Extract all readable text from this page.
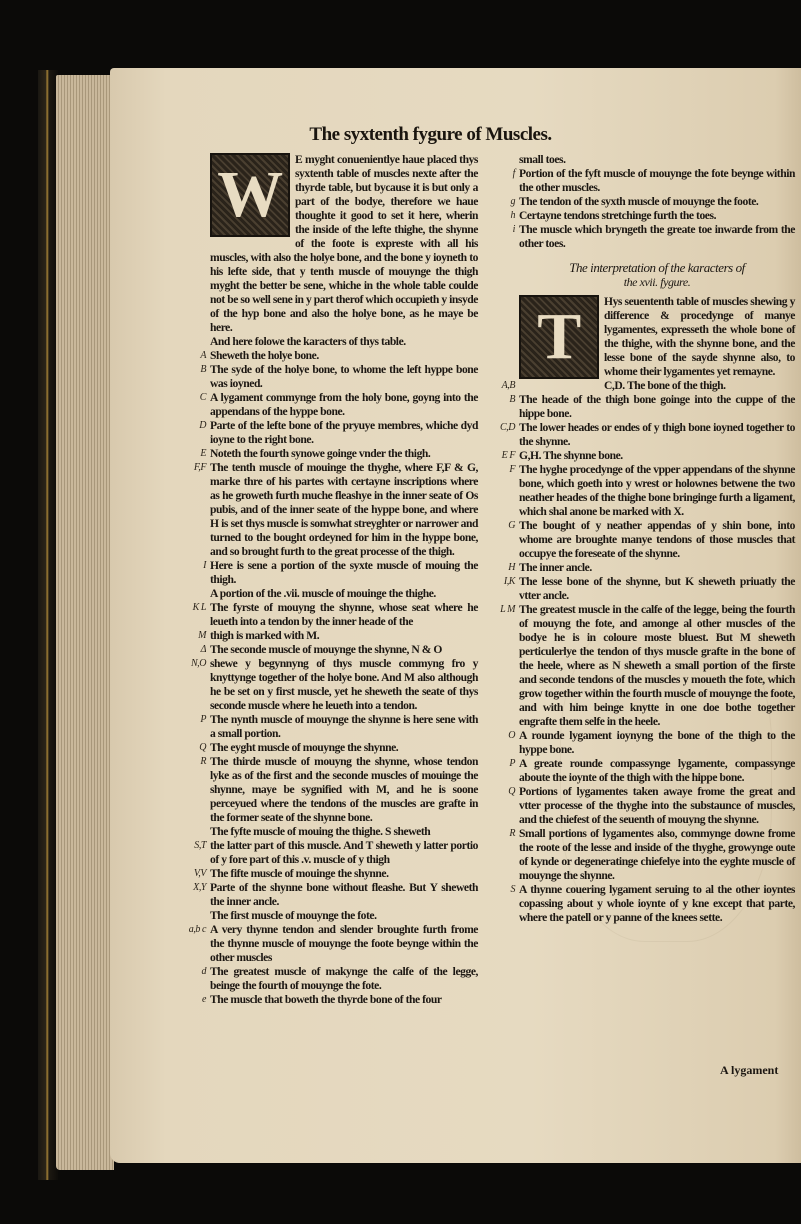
The syxtenth fygure of Muscles.
W	E myght conuenientlye haue placed thys syxtenth table of muscles nexte after the thyrde table, but bycause it is but only a part of the bodye, therefore we haue thoughte it good to set it here, wherin the inside of the lefte thighe, the shynne of the foote is expreste with all his muscles, with also the holye bone, and the bone y ioyneth to his lefte side, that y tenth muscle of mouynge the thigh myght the better be sene, whiche in the whole table coulde not be so well sene in y part therof which occupieth y insyde of the hyp bone and also the holye bone, as he maye be here.

And here folowe the karacters of thys table.

A Sheweth the holye bone.

B The syde of the holye bone, to whome the left hyppe bone was ioyned.

C A lygament commynge from the holy bone, goyng into the appendans of the hyppe bone.

D Parte of the lefte bone of the pryuye membres, whiche dyd ioyne to the right bone.

E Noteth the fourth synowe goinge vnder the thigh.

F,F The tenth muscle of mouinge the thyghe, where F,F & G, marke thre of his partes with certayne inscriptions where as he groweth furth muche fleashye in the inner seate of Os pubis, and of the inner seate of the hyppe bone, and where H is set thys muscle is somwhat streyghter or narrower and turned to the bought ordeyned for him in the hyppe bone, and so brought furth to the great processe of the thigh.

I Here is sene a portion of the syxte muscle of mouing the thigh.

A portion of the .vii. muscle of mouinge the thighe.

K L The fyrste of mouyng the shynne, whose seat where he leueth into a tendon by the inner heade of the

M thigh is marked with M.

Δ The seconde muscle of mouynge the shynne, N & O

N,O shewe y begynnyng of thys muscle commyng fro y knyttynge together of the holye bone. And M also although he be set on y first muscle, yet he sheweth the seate of thys seconde muscle where he leueth into a tendon.

P The nynth muscle of mouynge the shynne is here sene with a small portion.

Q The eyght muscle of mouynge the shynne.

R The thirde muscle of mouyng the shynne, whose tendon lyke as of the first and the seconde muscles of mouinge the shynne, maye be sygnified with M, and he is soone perceyued where the tendons of the muscles are grafte in the former seate of the shynne bone.

The fyfte muscle of mouing the thighe. S sheweth

S,T the latter part of this muscle. And T sheweth y latter portio of y fore part of this .v. muscle of y thigh

V,V The fifte muscle of mouinge the shynne.

X,Y Parte of the shynne bone without fleashe. But Y sheweth the inner ancle.

The first muscle of mouynge the fote.

a,b c A very thynne tendon and slender broughte furth frome the thynne muscle of mouynge the foote beynge within the other muscles

d The greatest muscle of makynge the calfe of the legge, beinge the fourth of mouynge the fote.

e The muscle that boweth the thyrde bone of the four

small toes.

f Portion of the fyft muscle of mouynge the fote beynge within the other muscles.

g The tendon of the syxth muscle of mouynge the foote.

h Certayne tendons stretchinge furth the toes.

i The muscle which bryngeth the greate toe inwarde from the other toes.

The interpretation of the karacters of

the xvii. fygure.

T	Hys seuententh table of muscles shewing y difference & procedynge of manye lygamentes, expresseth the whole bone of the thighe, with the shynne bone, and the lesse bone of the sayde shynne also, to whome their lygamentes yet remayne.

A,B	C,D. The bone of the thigh.

B The heade of the thigh bone goinge into the cuppe of the hippe bone.

C,D The lower heades or endes of y thigh bone ioyned together to the shynne.

E F G,H. The shynne bone.

F The hyghe procedynge of the vpper appendans of the shynne bone, which goeth into y wrest or holownes betwene the two neather heades of the thighe bone bringinge furth a ligament, which shal anone be marked with X.

G The bought of y neather appendas of y shin bone, into whome are broughte manye tendons of those muscles that occupye the foreseate of the shynne.

H The inner ancle.

I,K The lesse bone of the shynne, but K sheweth priuatly the vtter ancle.

L M The greatest muscle in the calfe of the legge, being the fourth of mouyng the fote, and amonge al other muscles of the bodye he is in coloure moste bluest. But M sheweth perticulerlye the tendon of thys muscle grafte in the bone of the heele, where as N sheweth a small portion of the firste and seconde tendons of the muscles y moueth the fote, which grow together within the fourth muscle of mouynge the foote, and with him beinge knytte in one doe bothe together engrafte them selfe in the heele.

O A rounde lygament ioynyng the bone of the thigh to the hyppe bone.

P A greate rounde compassynge lygamente, compassynge aboute the ioynte of the thigh with the hippe bone.

Q Portions of lygamentes taken awaye frome the great and vtter processe of the thyghe into the substaunce of muscles, and the chiefest of the seuenth of mouyng the shynne.

R Small portions of lygamentes also, commynge downe frome the roote of the lesse and inside of the thyghe, growynge oute of kynde or degeneratinge chiefelye into the eyghte muscle of mouynge the shynne.

S A thynne couering lygament seruing to al the other ioyntes copassing about y whole ioynte of y kne except that parte, where the patell or y panne of the knees sette.

A lygament
